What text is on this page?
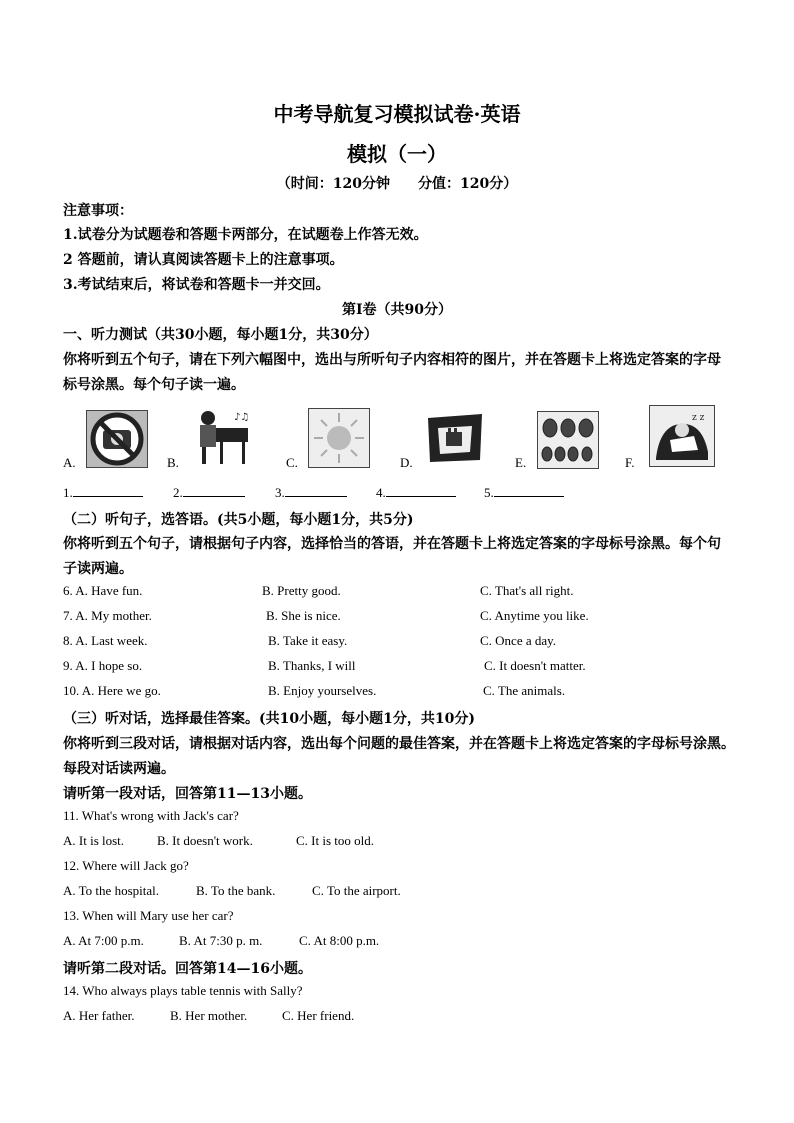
中考导航复习模拟试卷·英语
模拟（一）
（时间：120分钟　　分值：120分）
注意事项：
1.试卷分为试题卷和答题卡两部分，在试题卷上作答无效。
2 答题前，请认真阅读答题卡上的注意事项。
3.考试结束后，将试卷和答题卡一并交回。
第Ⅰ卷（共90分）
一、听力测试（共30小题，每小题1分，共30分）
你将听到五个句子，请在下列六幅图中，选出与所听句子内容相符的图片，并在答题卡上将选定答案的字母
标号涂黑。每个句子读一遍。
A.	B.
♪♫
C.	D.	E.	F.
z z
1.	2.	3.	4.	5.
（二）听句子，选答语。(共5小题，每小题1分，共5分)
你将听到五个句子，请根据句子内容，选择恰当的答语，并在答题卡上将选定答案的字母标号涂黑。每个句
子读两遍。
6. A. Have fun.	B. Pretty good.	C. That's all right.
7. A. My mother.	B. She is nice.	C. Anytime you like.
8. A. Last week.	B. Take it easy.	C. Once a day.
9. A. I hope so.	B. Thanks, I will	C. It doesn't matter.
10. A. Here we go.	B. Enjoy yourselves.	C. The animals.
（三）听对话，选择最佳答案。(共10小题，每小题1分，共10分)
你将听到三段对话，请根据对话内容，选出每个问题的最佳答案，并在答题卡上将选定答案的字母标号涂黑。
每段对话读两遍。
请听第一段对话，回答第11—13小题。
11. What's wrong with Jack's car?
A. It is lost.	B. It doesn't work.	C. It is too old.
12. Where will Jack go?
A. To the hospital.	B. To the bank.	C. To the airport.
13. When will Mary use her car?
A. At 7:00 p.m.	B. At 7:30 p. m.	C. At 8:00 p.m.
请听第二段对话。回答第14—16小题。
14. Who always plays table tennis with Sally?
A. Her father.	B. Her mother.	C. Her friend.
